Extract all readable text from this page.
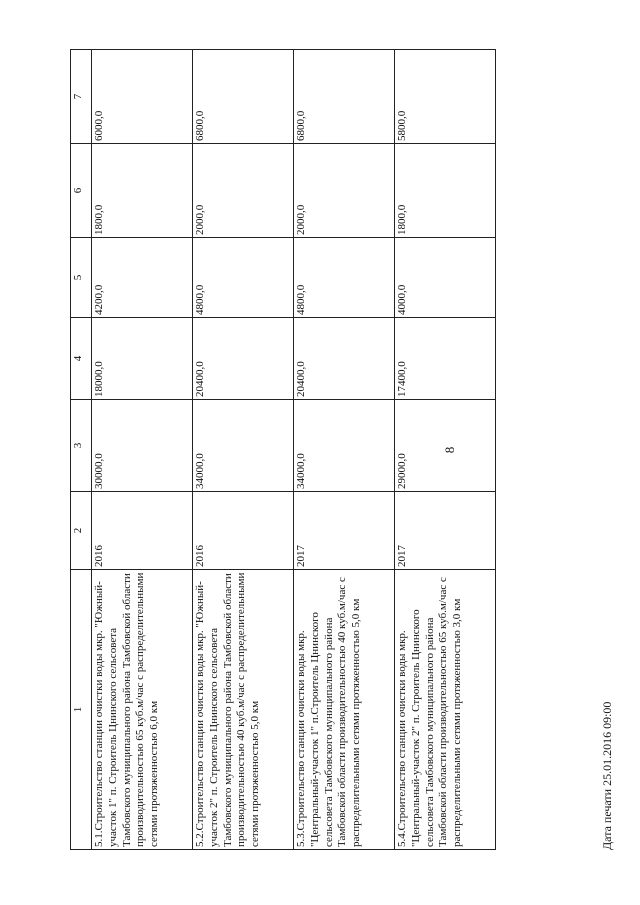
8
1	2	3	4	5	6	7
5.1.Строительство станции очистки воды мкр. "Южный-участок 1" п. Строитель Цнинского сельсовета Тамбовского муниципального района Тамбовской области производительностью 65 куб.м/час с распределительными сетями протяженностью 6,0 км	2016	30000,0	18000,0	4200,0	1800,0	6000,0
5.2.Строительство станции очистки воды мкр. "Южный-участок 2" п. Строитель Цнинского сельсовета Тамбовского муниципального района Тамбовской области производительностью 40 куб.м/час с распределительными сетями протяженностью 5,0 км	2016	34000,0	20400,0	4800,0	2000,0	6800,0
5.3.Строительство станции очистки воды мкр. "Центральный-участок 1" п.Строитель Цнинского сельсовета Тамбовского муниципального района Тамбовской области производительностью 40 куб.м/час с распределительными сетями протяженностью 5,0 км	2017	34000,0	20400,0	4800,0	2000,0	6800,0
5.4.Строительство станции очистки воды мкр. "Центральный-участок 2" п. Строитель Цнинского сельсовета Тамбовского муниципального района Тамбовской области производительностью 65 куб.м/час с распределительными сетями протяженностью 3,0 км	2017	29000,0	17400,0	4000,0	1800,0	5800,0
Дата печати 25.01.2016 09:00
